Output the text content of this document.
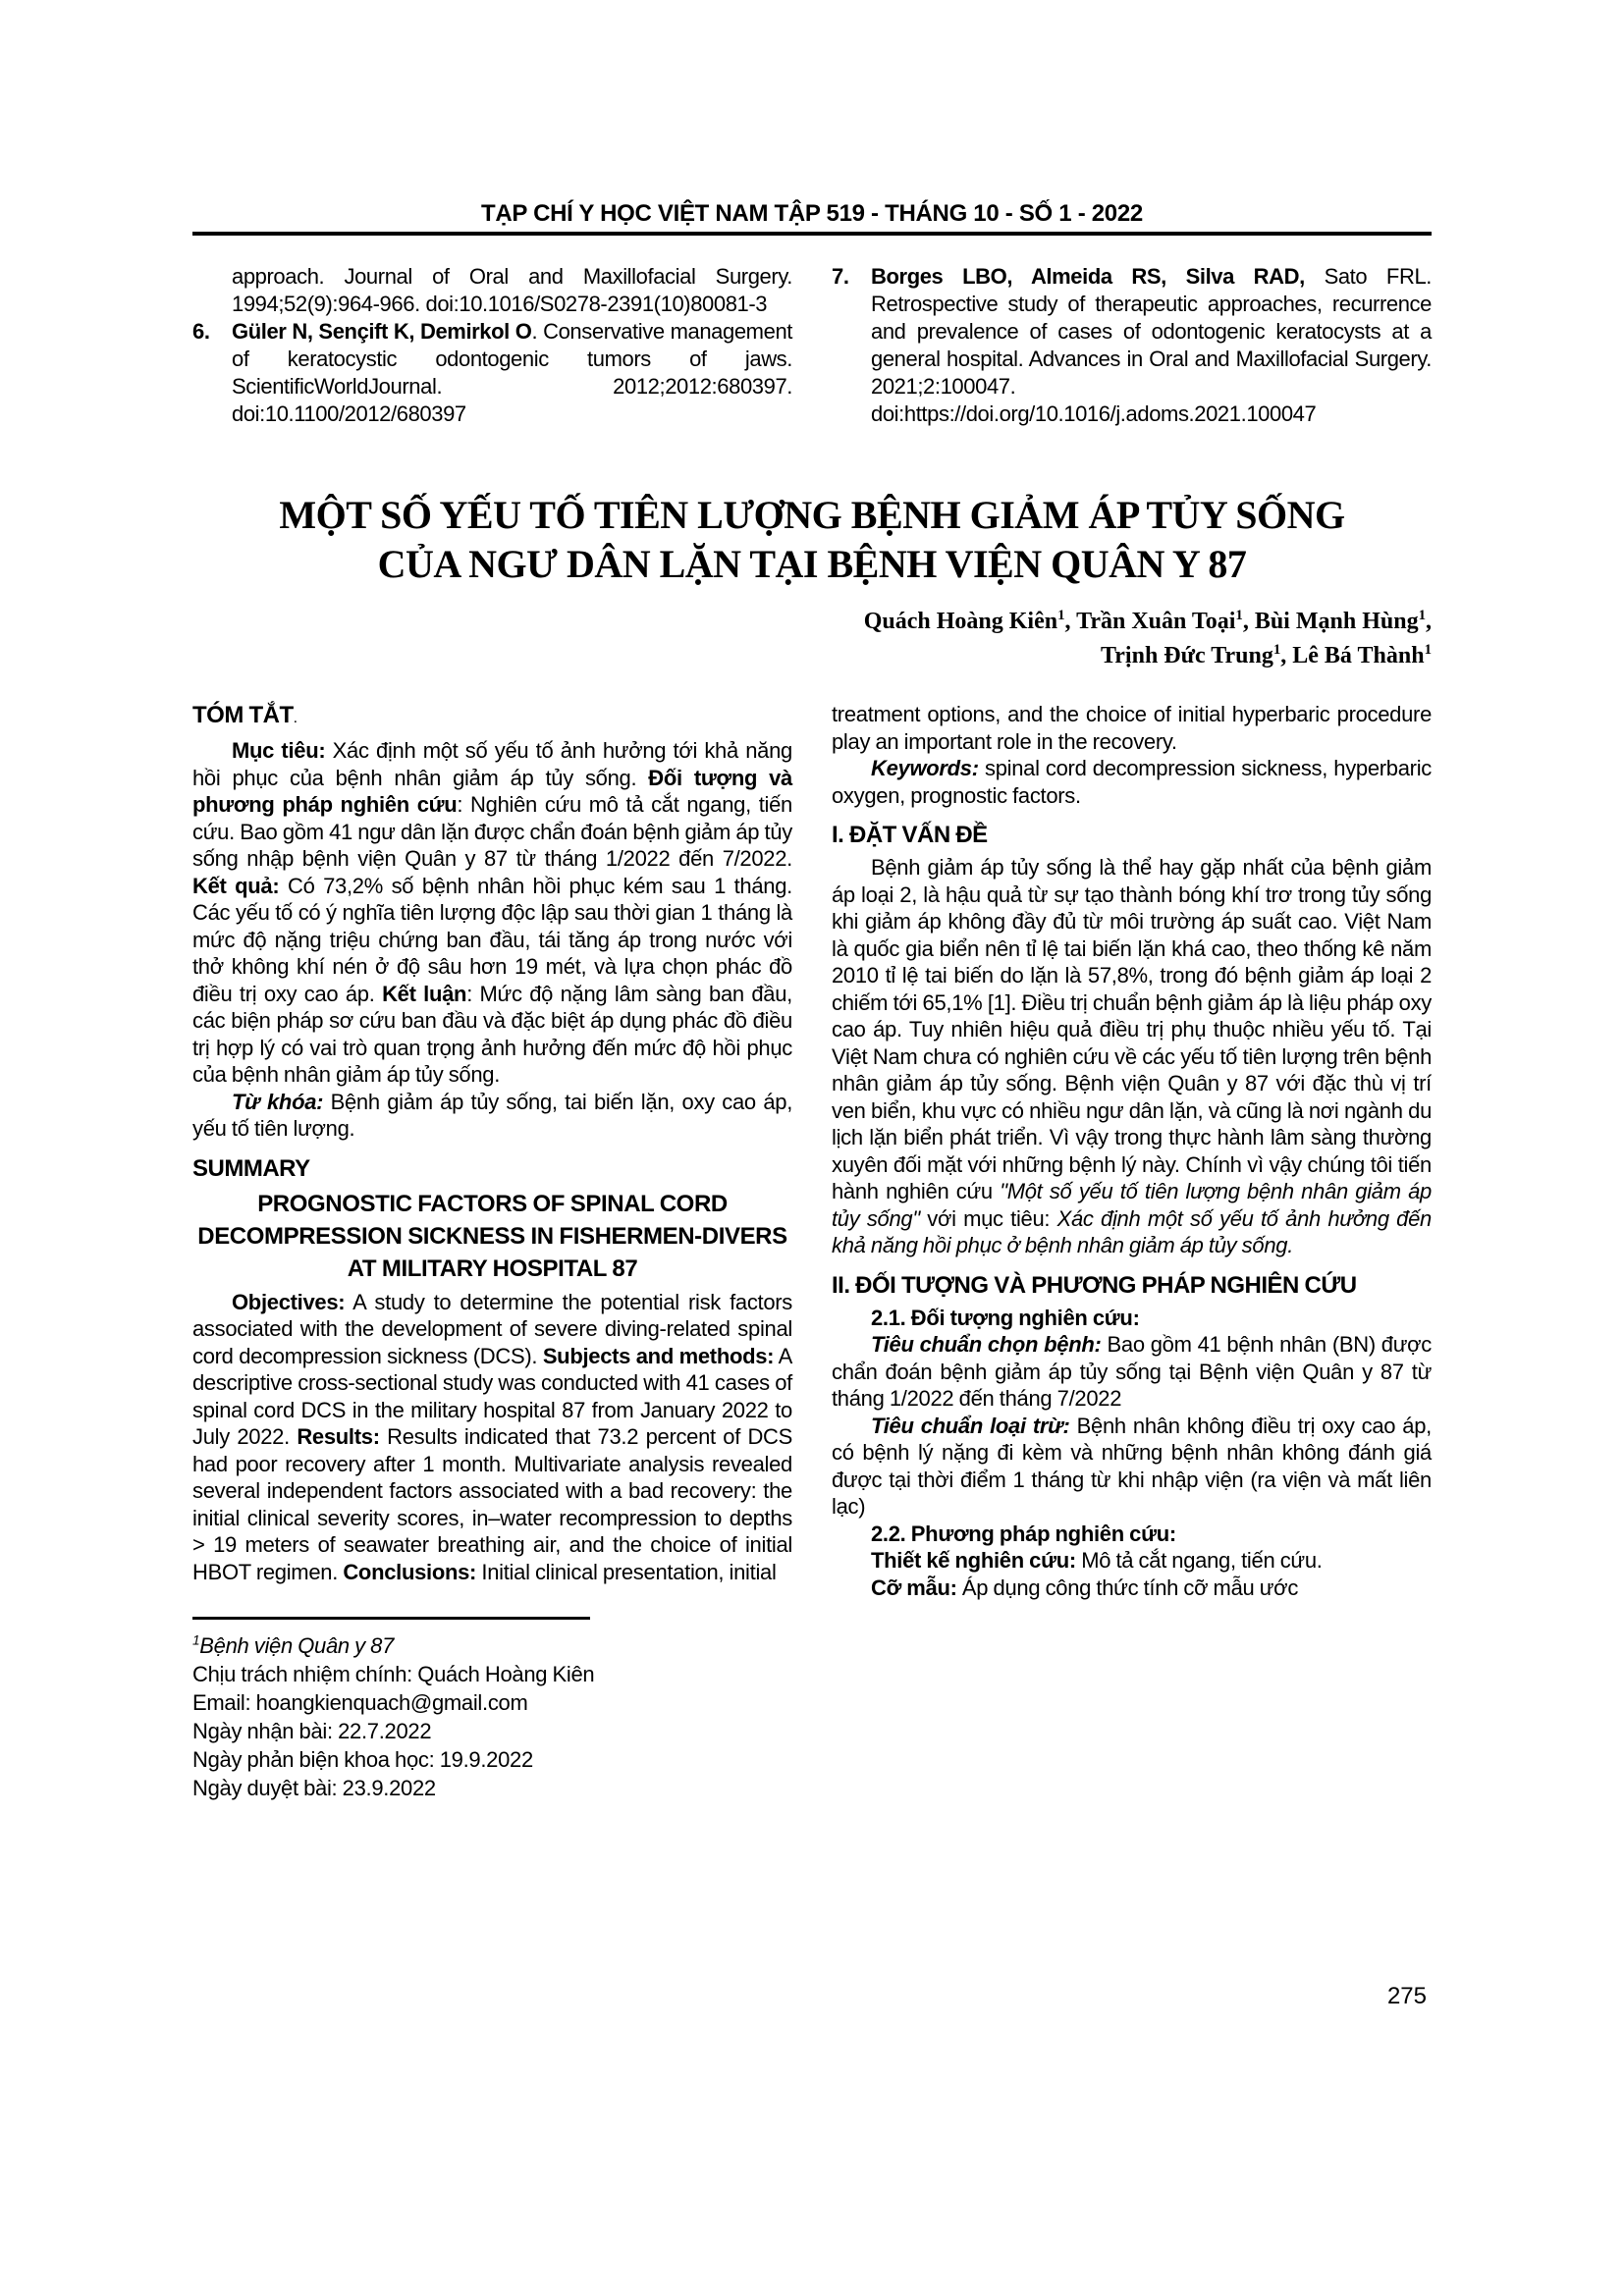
TẠP CHÍ Y HỌC VIỆT NAM TẬP 519 - THÁNG 10 - SỐ 1 - 2022
approach. Journal of Oral and Maxillofacial Surgery. 1994;52(9):964-966. doi:10.1016/S0278-2391(10)80081-3
6. Güler N, Sençift K, Demirkol O. Conservative management of keratocystic odontogenic tumors of jaws. ScientificWorldJournal. 2012;2012:680397. doi:10.1100/2012/680397
7. Borges LBO, Almeida RS, Silva RAD, Sato FRL. Retrospective study of therapeutic approaches, recurrence and prevalence of cases of odontogenic keratocysts at a general hospital. Advances in Oral and Maxillofacial Surgery. 2021;2:100047. doi:https://doi.org/10.1016/j.adoms.2021.100047
MỘT SỐ YẾU TỐ TIÊN LƯỢNG BỆNH GIẢM ÁP TỦY SỐNG
CỦA NGƯ DÂN LẶN TẠI BỆNH VIỆN QUÂN Y 87
Quách Hoàng Kiên$^1$, Trần Xuân Toại$^1$, Bùi Mạnh Hùng$^1$,
Trịnh Đức Trung$^1$, Lê Bá Thành$^1$
TÓM TẮT.

Mục tiêu: Xác định một số yếu tố ảnh hưởng tới khả năng hồi phục của bệnh nhân giảm áp tủy sống. Đối tượng và phương pháp nghiên cứu: Nghiên cứu mô tả cắt ngang, tiến cứu. Bao gồm 41 ngư dân lặn được chẩn đoán bệnh giảm áp tủy sống nhập bệnh viện Quân y 87 từ tháng 1/2022 đến 7/2022. Kết quả: Có 73,2% số bệnh nhân hồi phục kém sau 1 tháng. Các yếu tố có ý nghĩa tiên lượng độc lập sau thời gian 1 tháng là mức độ nặng triệu chứng ban đầu, tái tăng áp trong nước với thở không khí nén ở độ sâu hơn 19 mét, và lựa chọn phác đồ điều trị oxy cao áp. Kết luận: Mức độ nặng lâm sàng ban đầu, các biện pháp sơ cứu ban đầu và đặc biệt áp dụng phác đồ điều trị hợp lý có vai trò quan trọng ảnh hưởng đến mức độ hồi phục của bệnh nhân giảm áp tủy sống.

Từ khóa: Bệnh giảm áp tủy sống, tai biến lặn, oxy cao áp, yếu tố tiên lượng.

SUMMARY
PROGNOSTIC FACTORS OF SPINAL CORD DECOMPRESSION SICKNESS IN FISHERMEN-DIVERS AT MILITARY HOSPITAL 87

Objectives: A study to determine the potential risk factors associated with the development of severe diving-related spinal cord decompression sickness (DCS). Subjects and methods: A descriptive cross-sectional study was conducted with 41 cases of spinal cord DCS in the military hospital 87 from January 2022 to July 2022. Results: Results indicated that 73.2 percent of DCS had poor recovery after 1 month. Multivariate analysis revealed several independent factors associated with a bad recovery: the initial clinical severity scores, in–water recompression to depths > 19 meters of seawater breathing air, and the choice of initial HBOT regimen. Conclusions: Initial clinical presentation, initial

$^1$Bệnh viện Quân y 87

Chịu trách nhiệm chính: Quách Hoàng Kiên

Email: hoangkienquach@gmail.com

Ngày nhận bài: 22.7.2022

Ngày phản biện khoa học: 19.9.2022

Ngày duyệt bài: 23.9.2022

treatment options, and the choice of initial hyperbaric procedure play an important role in the recovery.

Keywords: spinal cord decompression sickness, hyperbaric oxygen, prognostic factors.

I. ĐẶT VẤN ĐỀ

Bệnh giảm áp tủy sống là thể hay gặp nhất của bệnh giảm áp loại 2, là hậu quả từ sự tạo thành bóng khí trơ trong tủy sống khi giảm áp không đầy đủ từ môi trường áp suất cao. Việt Nam là quốc gia biển nên tỉ lệ tai biến lặn khá cao, theo thống kê năm 2010 tỉ lệ tai biến do lặn là 57,8%, trong đó bệnh giảm áp loại 2 chiếm tới 65,1% [1]. Điều trị chuẩn bệnh giảm áp là liệu pháp oxy cao áp. Tuy nhiên hiệu quả điều trị phụ thuộc nhiều yếu tố. Tại Việt Nam chưa có nghiên cứu về các yếu tố tiên lượng trên bệnh nhân giảm áp tủy sống. Bệnh viện Quân y 87 với đặc thù vị trí ven biển, khu vực có nhiều ngư dân lặn, và cũng là nơi ngành du lịch lặn biển phát triển. Vì vậy trong thực hành lâm sàng thường xuyên đối mặt với những bệnh lý này. Chính vì vậy chúng tôi tiến hành nghiên cứu "Một số yếu tố tiên lượng bệnh nhân giảm áp tủy sống" với mục tiêu: Xác định một số yếu tố ảnh hưởng đến khả năng hồi phục ở bệnh nhân giảm áp tủy sống.

II. ĐỐI TƯỢNG VÀ PHƯƠNG PHÁP NGHIÊN CỨU

2.1. Đối tượng nghiên cứu:

Tiêu chuẩn chọn bệnh: Bao gồm 41 bệnh nhân (BN) được chẩn đoán bệnh giảm áp tủy sống tại Bệnh viện Quân y 87 từ tháng 1/2022 đến tháng 7/2022

Tiêu chuẩn loại trừ: Bệnh nhân không điều trị oxy cao áp, có bệnh lý nặng đi kèm và những bệnh nhân không đánh giá được tại thời điểm 1 tháng từ khi nhập viện (ra viện và mất liên lạc)

2.2. Phương pháp nghiên cứu:

Thiết kế nghiên cứu: Mô tả cắt ngang, tiến cứu.

Cỡ mẫu: Áp dụng công thức tính cỡ mẫu ước

275
